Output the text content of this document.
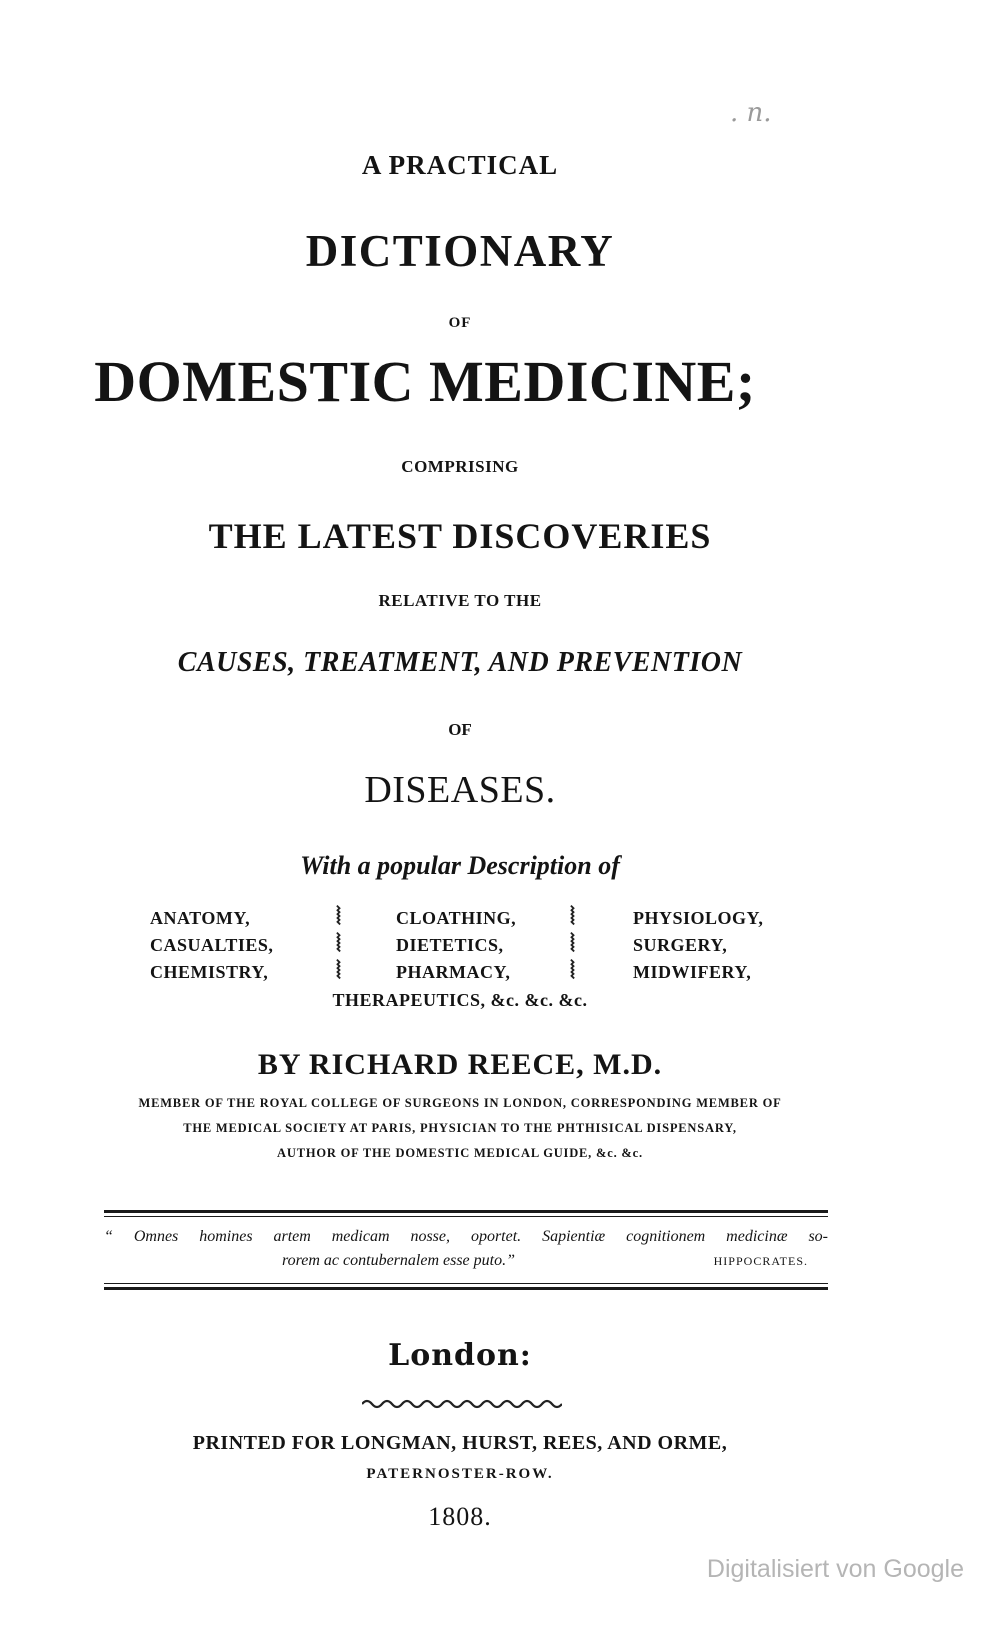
. n.
A PRACTICAL
DICTIONARY
OF
DOMESTIC MEDICINE;
COMPRISING
THE LATEST DISCOVERIES
RELATIVE TO THE
CAUSES, TREATMENT, AND PREVENTION
OF
DISEASES.
With a popular Description of
ANATOMY,
CASUALTIES,
CHEMISTRY,
⦚
⦚
⦚
CLOATHING,
DIETETICS,
PHARMACY,
⦚
⦚
⦚
PHYSIOLOGY,
SURGERY,
MIDWIFERY,
THERAPEUTICS, &c. &c. &c.
BY RICHARD REECE, M.D.
MEMBER OF THE ROYAL COLLEGE OF SURGEONS IN LONDON, CORRESPONDING MEMBER OF
THE MEDICAL SOCIETY AT PARIS, PHYSICIAN TO THE PHTHISICAL DISPENSARY,
AUTHOR OF THE DOMESTIC MEDICAL GUIDE, &c. &c.
“ Omnes homines artem medicam nosse, oportet. Sapientiæ cognitionem medicinæ so-
rorem ac contubernalem esse puto.”	HIPPOCRATES.
London:
PRINTED FOR LONGMAN, HURST, REES, AND ORME,
PATERNOSTER-ROW.
1808.
Digitalisiert von Google
